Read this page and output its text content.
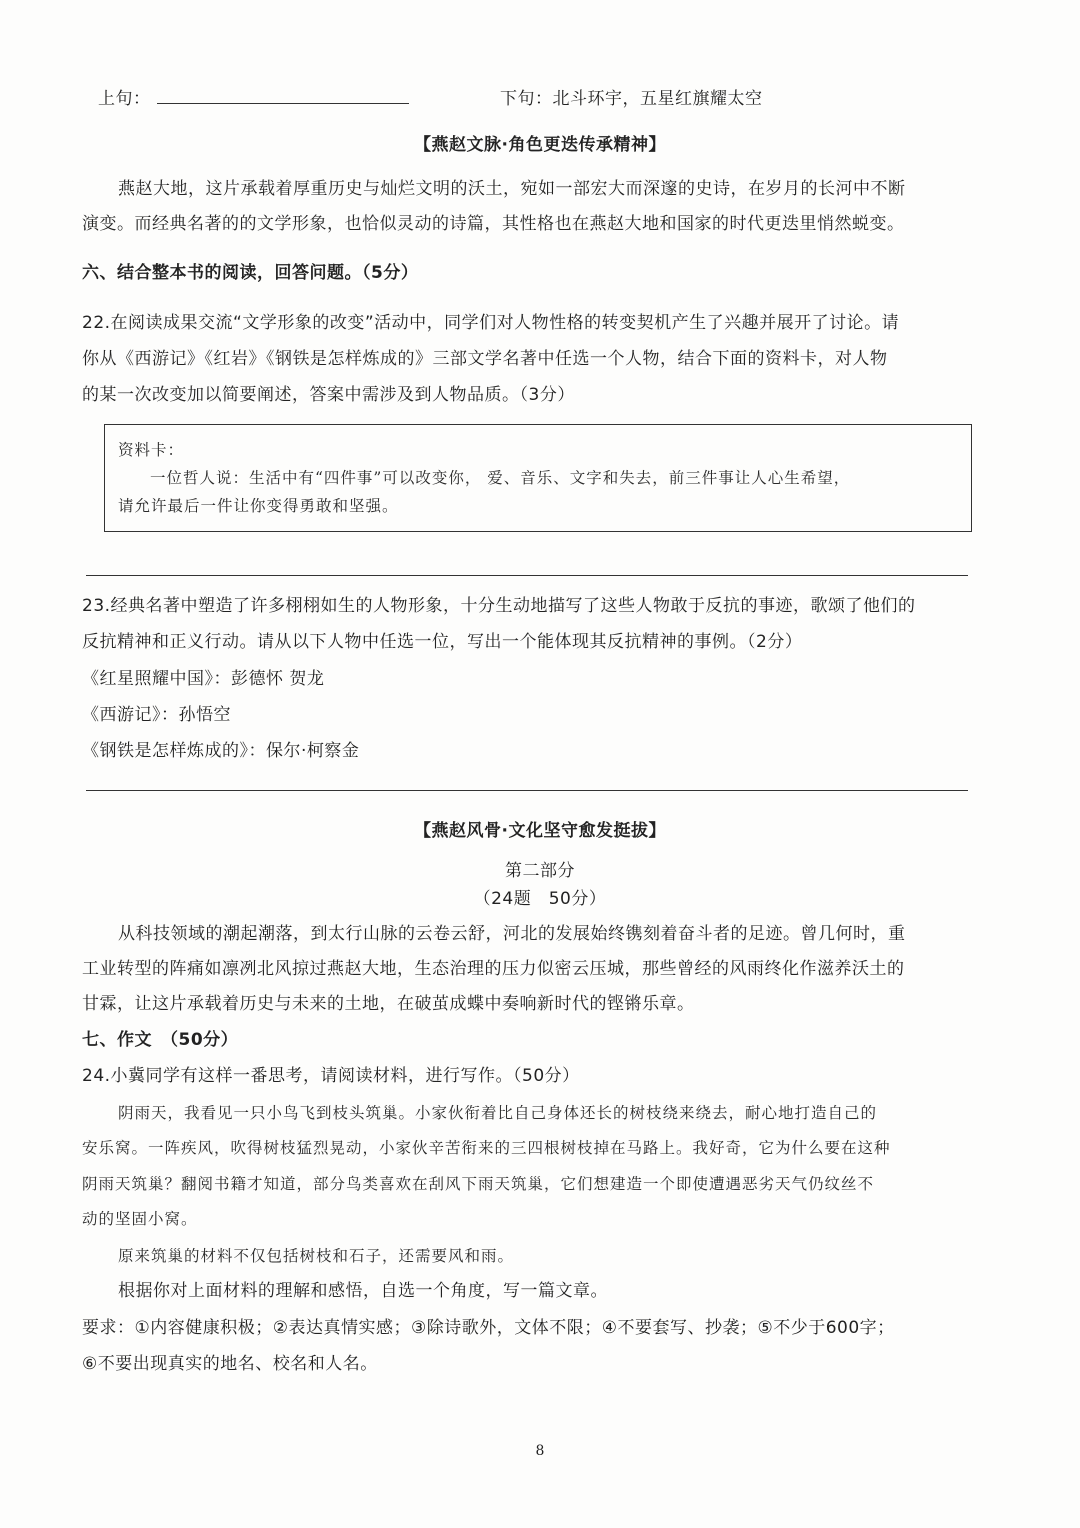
上句：	下句：北斗环宇，五星红旗耀太空
【燕赵文脉·角色更迭传承精神】
燕赵大地，这片承载着厚重历史与灿烂文明的沃土，宛如一部宏大而深邃的史诗，在岁月的长河中不断
演变。而经典名著的的文学形象，也恰似灵动的诗篇，其性格也在燕赵大地和国家的时代更迭里悄然蜕变。
六、结合整本书的阅读，回答问题。（5分）
22.在阅读成果交流“文学形象的改变”活动中，同学们对人物性格的转变契机产生了兴趣并展开了讨论。请
你从《西游记》《红岩》《钢铁是怎样炼成的》三部文学名著中任选一个人物，结合下面的资料卡，对人物
的某一次改变加以简要阐述，答案中需涉及到人物品质。（3分）
资料卡：
一位哲人说：生活中有“四件事”可以改变你， 爱、音乐、文字和失去，前三件事让人心生希望，
请允许最后一件让你变得勇敢和坚强。
23.经典名著中塑造了许多栩栩如生的人物形象，十分生动地描写了这些人物敢于反抗的事迹，歌颂了他们的
反抗精神和正义行动。请从以下人物中任选一位，写出一个能体现其反抗精神的事例。（2分）
《红星照耀中国》：彭德怀 贺龙
《西游记》：孙悟空
《钢铁是怎样炼成的》：保尔·柯察金
【燕赵风骨·文化坚守愈发挺拔】
第二部分
（24题　50分）
从科技领域的潮起潮落，到太行山脉的云卷云舒，河北的发展始终镌刻着奋斗者的足迹。曾几何时，重
工业转型的阵痛如凛冽北风掠过燕赵大地，生态治理的压力似密云压城，那些曾经的风雨终化作滋养沃土的
甘霖，让这片承载着历史与未来的土地，在破茧成蝶中奏响新时代的铿锵乐章。
七、作文　（50分）
24.小冀同学有这样一番思考，请阅读材料，进行写作。（50分）
阴雨天，我看见一只小鸟飞到枝头筑巢。小家伙衔着比自己身体还长的树枝绕来绕去，耐心地打造自己的
安乐窝。一阵疾风，吹得树枝猛烈晃动，小家伙辛苦衔来的三四根树枝掉在马路上。我好奇，它为什么要在这种
阴雨天筑巢？翻阅书籍才知道，部分鸟类喜欢在刮风下雨天筑巢，它们想建造一个即使遭遇恶劣天气仍纹丝不
动的坚固小窝。
原来筑巢的材料不仅包括树枝和石子，还需要风和雨。
根据你对上面材料的理解和感悟，自选一个角度，写一篇文章。
要求：①内容健康积极；②表达真情实感；③除诗歌外，文体不限；④不要套写、抄袭；⑤不少于600字；
⑥不要出现真实的地名、校名和人名。
8
